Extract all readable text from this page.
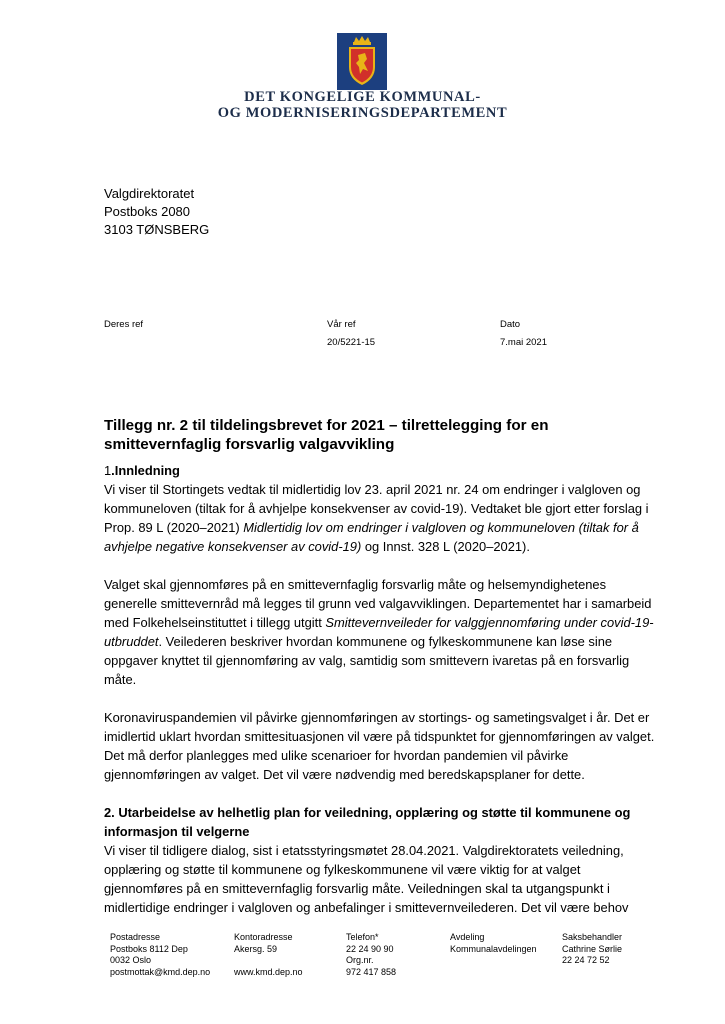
DET KONGELIGE KOMMUNAL-
OG MODERNISERINGSDEPARTEMENT
Valgdirektoratet
Postboks 2080
3103 TØNSBERG
Deres ref	Vår ref
20/5221-15
Dato
7.mai 2021
Tillegg nr. 2 til tildelingsbrevet for 2021 – tilrettelegging for en
smittevernfaglig forsvarlig valgavvikling

1.Innledning

Vi viser til Stortingets vedtak til midlertidig lov 23. april 2021 nr. 24 om endringer i valgloven og kommuneloven (tiltak for å avhjelpe konsekvenser av covid-19). Vedtaket ble gjort etter forslag i Prop. 89 L (2020–2021) Midlertidig lov om endringer i valgloven og kommuneloven (tiltak for å avhjelpe negative konsekvenser av covid-19) og Innst. 328 L (2020–2021).

Valget skal gjennomføres på en smittevernfaglig forsvarlig måte og helsemyndighetenes generelle smittevernråd må legges til grunn ved valgavviklingen. Departementet har i samarbeid med Folkehelseinstituttet i tillegg utgitt Smittevernveileder for valggjennomføring under covid-19-utbruddet. Veilederen beskriver hvordan kommunene og fylkeskommunene kan løse sine oppgaver knyttet til gjennomføring av valg, samtidig som smittevern ivaretas på en forsvarlig måte.

Koronaviruspandemien vil påvirke gjennomføringen av stortings- og sametingsvalget i år. Det er imidlertid uklart hvordan smittesituasjonen vil være på tidspunktet for gjennomføringen av valget. Det må derfor planlegges med ulike scenarioer for hvordan pandemien vil påvirke gjennomføringen av valget. Det vil være nødvendig med beredskapsplaner for dette.

2. Utarbeidelse av helhetlig plan for veiledning, opplæring og støtte til kommunene og informasjon til velgerne

Vi viser til tidligere dialog, sist i etatsstyringsmøtet 28.04.2021. Valgdirektoratets veiledning, opplæring og støtte til kommunene og fylkeskommunene vil være viktig for at valget gjennomføres på en smittevernfaglig forsvarlig måte. Veiledningen skal ta utgangspunkt i midlertidige endringer i valgloven og anbefalinger i smittevernveilederen. Det vil være behov

Postadresse
Postboks 8112 Dep
0032 Oslo
postmottak@kmd.dep.no
Kontoradresse
Akersg. 59

www.kmd.dep.no
Telefon*
22 24 90 90
Org.nr.
972 417 858
Avdeling
Kommunalavdelingen
Saksbehandler
Cathrine Sørlie
22 24 72 52
